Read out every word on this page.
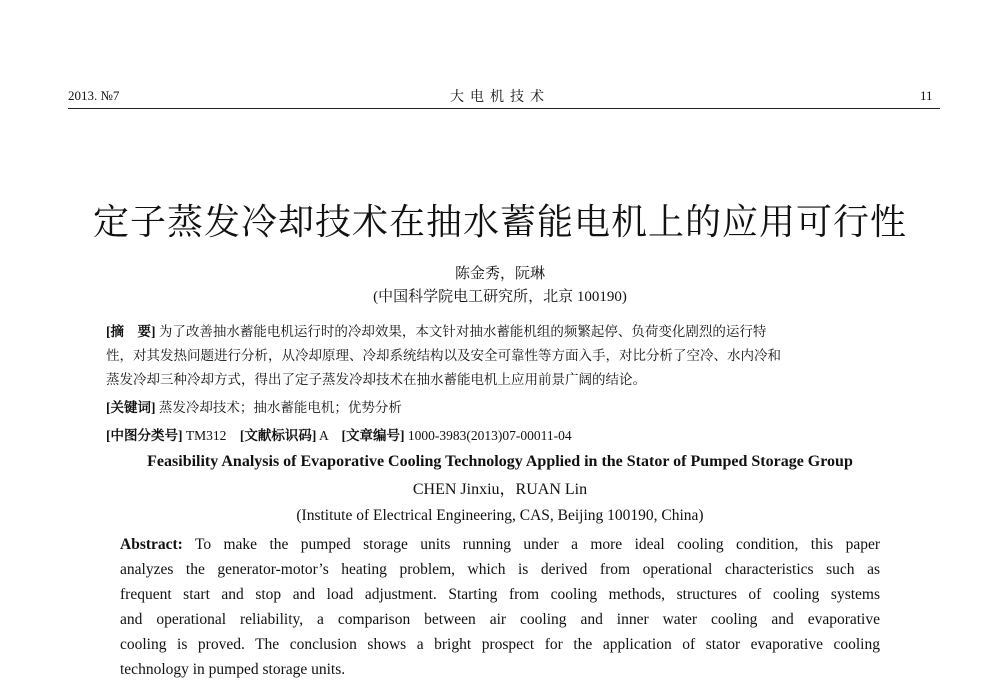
2013. №7	大电机技术	11
定子蒸发冷却技术在抽水蓄能电机上的应用可行性
陈金秀，阮琳
(中国科学院电工研究所，北京 100190)
[摘　要] 为了改善抽水蓄能电机运行时的冷却效果，本文针对抽水蓄能机组的频繁起停、负荷变化剧烈的运行特
性，对其发热问题进行分析，从冷却原理、冷却系统结构以及安全可靠性等方面入手，对比分析了空冷、水内冷和
蒸发冷却三种冷却方式，得出了定子蒸发冷却技术在抽水蓄能电机上应用前景广阔的结论。
[关键词] 蒸发冷却技术；抽水蓄能电机；优势分析
[中图分类号] TM312 [文献标识码] A [文章编号] 1000-3983(2013)07-00011-04
Feasibility Analysis of Evaporative Cooling Technology Applied in the Stator of Pumped Storage Group
CHEN Jinxiu，RUAN Lin
(Institute of Electrical Engineering, CAS, Beijing 100190, China)
Abstract: To make the pumped storage units running under a more ideal cooling condition, this paper
analyzes the generator-motor’s heating problem, which is derived from operational characteristics such as
frequent start and stop and load adjustment. Starting from cooling methods, structures of cooling systems
and operational reliability, a comparison between air cooling and inner water cooling and evaporative
cooling is proved. The conclusion shows a bright prospect for the application of stator evaporative cooling
technology in pumped storage units.
